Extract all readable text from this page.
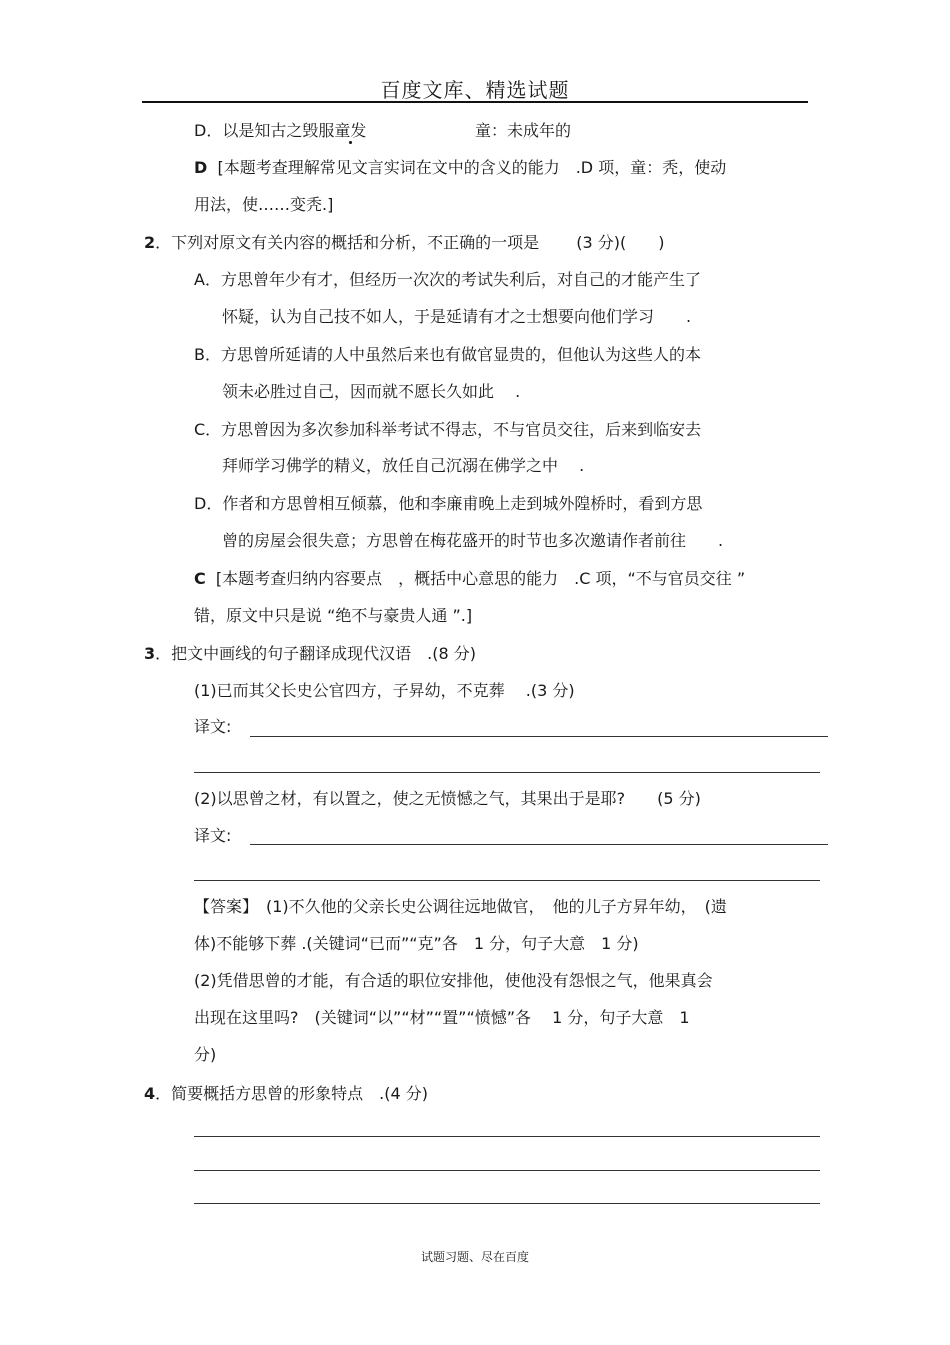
百度文库、精选试题
D．以是知古之毁服童发	童：未成年的
D [本题考查理解常见文言实词在文中的含义的能力　.D 项，童：秃，使动
用法，使……变秃.]
2．下列对原文有关内容的概括和分析，不正确的一项是　　 (3 分)(　　)
A．方思曾年少有才，但经历一次次的考试失利后，对自己的才能产生了
怀疑，认为自己技不如人，于是延请有才之士想要向他们学习　　.
B．方思曾所延请的人中虽然后来也有做官显贵的，但他认为这些人的本
领未必胜过自己，因而就不愿长久如此　 .
C．方思曾因为多次参加科举考试不得志，不与官员交往，后来到临安去
拜师学习佛学的精义，放任自己沉溺在佛学之中　 .
D．作者和方思曾相互倾慕，他和李廉甫晚上走到城外隍桥时，看到方思
曾的房屋会很失意；方思曾在梅花盛开的时节也多次邀请作者前往　　.
C [本题考查归纳内容要点　，概括中心意思的能力　.C 项，“不与官员交往 ”
错，原文中只是说 “绝不与豪贵人通 ”.]
3．把文中画线的句子翻译成现代汉语　.(8 分)
(1)已而其父长史公官四方，子昇幼，不克葬　 .(3 分)
译文:
(2)以思曾之材，有以置之，使之无愤憾之气，其果出于是耶?　　(5 分)
译文:
【答案】　(1)不久他的父亲长史公调往远地做官，　他的儿子方昇年幼，　(遗
体)不能够下葬 .(关键词“已而”“克”各　1 分，句子大意　1 分)
(2)凭借思曾的才能，有合适的职位安排他，使他没有怨恨之气，他果真会
出现在这里吗?　(关键词“以”“材”“置”“愤憾”各　 1 分，句子大意　1
分)
4．简要概括方思曾的形象特点　.(4 分)
试题习题、尽在百度
